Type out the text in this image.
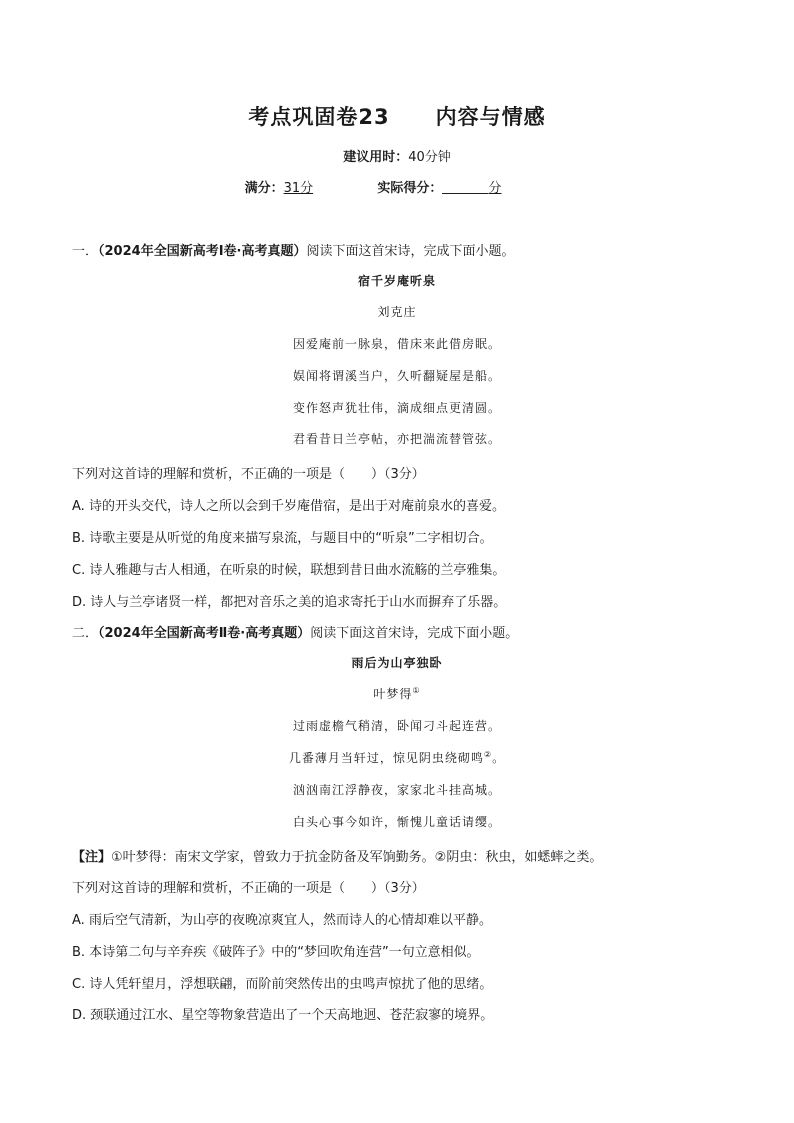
考点巩固卷23 内容与情感
建议用时：40分钟
满分：31分	实际得分：	分
一．（2024年全国新高考Ⅰ卷·高考真题）阅读下面这首宋诗，完成下面小题。
宿千岁庵听泉
刘克庄
因爱庵前一脉泉，借床来此借房眠。
娱闻将谓溪当户，久听翻疑屋是船。
变作怒声犹壮伟，滴成细点更清圆。
君看昔日兰亭帖，亦把湍流替管弦。
下列对这首诗的理解和赏析，不正确的一项是（　　）（3分）
A. 诗的开头交代，诗人之所以会到千岁庵借宿，是出于对庵前泉水的喜爱。
B. 诗歌主要是从听觉的角度来描写泉流，与题目中的“听泉”二字相切合。
C. 诗人雅趣与古人相通，在听泉的时候，联想到昔日曲水流觞的兰亭雅集。
D. 诗人与兰亭诸贤一样，都把对音乐之美的追求寄托于山水而摒弃了乐器。
二．（2024年全国新高考Ⅱ卷·高考真题）阅读下面这首宋诗，完成下面小题。
雨后为山亭独卧
叶梦得①
过雨虚檐气稍清，卧闻刁斗起连营。
几番薄月当轩过，惊见阴虫绕砌鸣②。
汹汹南江浮静夜，家家北斗挂高城。
白头心事今如许，惭愧儿童话请缨。
【注】①叶梦得：南宋文学家，曾致力于抗金防备及军饷勤务。②阴虫：秋虫，如蟋蟀之类。
下列对这首诗的理解和赏析，不正确的一项是（　　）（3分）
A. 雨后空气清新，为山亭的夜晚凉爽宜人，然而诗人的心情却难以平静。
B. 本诗第二句与辛弃疾《破阵子》中的“梦回吹角连营”一句立意相似。
C. 诗人凭轩望月，浮想联翩，而阶前突然传出的虫鸣声惊扰了他的思绪。
D. 颈联通过江水、星空等物象营造出了一个天高地迥、苍茫寂寥的境界。
